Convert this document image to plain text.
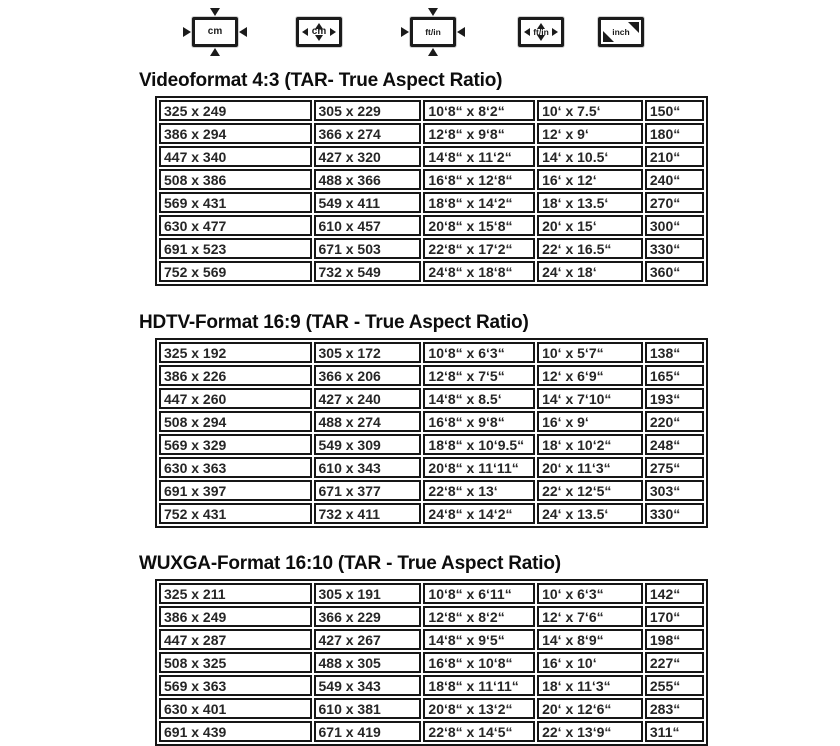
cm	cm	ft/in	ft/in	inch
Videoformat 4:3 (TAR- True Aspect Ratio)
325 x 249	305 x 229	10‘8“ x 8‘2“	10‘ x 7.5‘	150“
386 x 294	366 x 274	12‘8“ x 9‘8“	12‘ x 9‘	180“
447 x 340	427 x 320	14‘8“ x 11‘2“	14‘ x 10.5‘	210“
508 x 386	488 x 366	16‘8“ x 12‘8“	16‘ x 12‘	240“
569 x 431	549 x 411	18‘8“ x 14‘2“	18‘ x 13.5‘	270“
630 x 477	610 x 457	20‘8“ x 15‘8“	20‘ x 15‘	300“
691 x 523	671 x 503	22‘8“ x 17‘2“	22‘ x 16.5“	330“
752 x 569	732 x 549	24‘8“ x 18‘8“	24‘ x 18‘	360“
HDTV-Format 16:9 (TAR - True Aspect Ratio)
325 x 192	305 x 172	10‘8“ x 6‘3“	10‘ x 5‘7“	138“
386 x 226	366 x 206	12‘8“ x 7‘5“	12‘ x 6‘9“	165“
447 x 260	427 x 240	14‘8“ x 8.5‘	14‘ x 7‘10“	193“
508 x 294	488 x 274	16‘8“ x 9‘8“	16‘ x 9‘	220“
569 x 329	549 x 309	18‘8“ x 10‘9.5“	18‘ x 10‘2“	248“
630 x 363	610 x 343	20‘8“ x 11‘11“	20‘ x 11‘3“	275“
691 x 397	671 x 377	22‘8“ x 13‘	22‘ x 12‘5“	303“
752 x 431	732 x 411	24‘8“ x 14‘2“	24‘ x 13.5‘	330“
WUXGA-Format 16:10 (TAR - True Aspect Ratio)
325 x 211	305 x 191	10‘8“ x 6‘11“	10‘ x 6‘3“	142“
386 x 249	366 x 229	12‘8“ x 8‘2“	12‘ x 7‘6“	170“
447 x 287	427 x 267	14‘8“ x 9‘5“	14‘ x 8‘9“	198“
508 x 325	488 x 305	16‘8“ x 10‘8“	16‘ x 10‘	227“
569 x 363	549 x 343	18‘8“ x 11‘11“	18‘ x 11‘3“	255“
630 x 401	610 x 381	20‘8“ x 13‘2“	20‘ x 12‘6“	283“
691 x 439	671 x 419	22‘8“ x 14‘5“	22‘ x 13‘9“	311“
